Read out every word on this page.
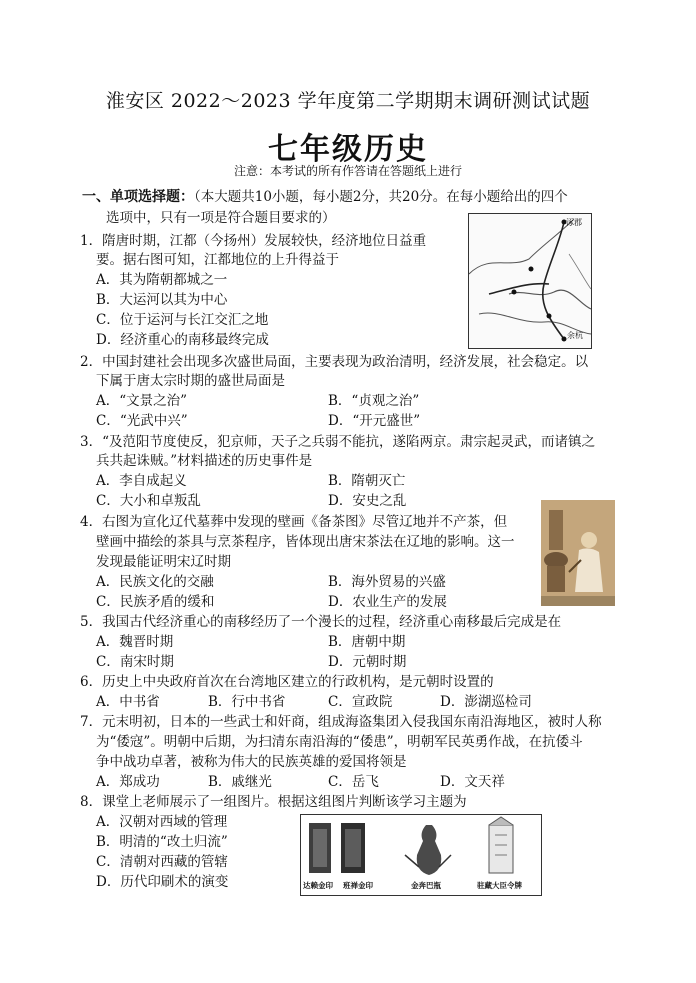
淮安区 2022～2023 学年度第二学期期末调研测试试题
七年级历史
注意：本考试的所有作答请在答题纸上进行
一、单项选择题：（本大题共10小题，每小题2分，共20分。在每小题给出的四个
选项中，只有一项是符合题目要求的）
1．隋唐时期，江都（今扬州）发展较快，经济地位日益重
要。据右图可知，江都地位的上升得益于
A．其为隋朝都城之一
B．大运河以其为中心
C．位于运河与长江交汇之地
D．经济重心的南移最终完成
涿郡
余杭
2．中国封建社会出现多次盛世局面，主要表现为政治清明，经济发展，社会稳定。以
下属于唐太宗时期的盛世局面是
A．“文景之治”	B．“贞观之治”
C．“光武中兴”	D．“开元盛世”
3．“及范阳节度使反，犯京师，天子之兵弱不能抗，遂陷两京。肃宗起灵武，而诸镇之
兵共起诛贼。”材料描述的历史事件是
A．李自成起义	B．隋朝灭亡
C．大小和卓叛乱	D．安史之乱
4．右图为宣化辽代墓葬中发现的壁画《备茶图》尽管辽地并不产茶，但
壁画中描绘的茶具与烹茶程序，皆体现出唐宋茶法在辽地的影响。这一
发现最能证明宋辽时期
A．民族文化的交融	B．海外贸易的兴盛
C．民族矛盾的缓和	D．农业生产的发展
5．我国古代经济重心的南移经历了一个漫长的过程，经济重心南移最后完成是在
A．魏晋时期	B．唐朝中期
C．南宋时期	D．元朝时期
6．历史上中央政府首次在台湾地区建立的行政机构，是元朝时设置的
A．中书省	B．行中书省	C．宣政院	D．澎湖巡检司
7．元末明初，日本的一些武士和奸商，组成海盗集团入侵我国东南沿海地区，被时人称
为“倭寇”。明朝中后期，为扫清东南沿海的“倭患”，明朝军民英勇作战，在抗倭斗
争中战功卓著，被称为伟大的民族英雄的爱国将领是
A．郑成功	B．戚继光	C．岳飞	D．文天祥
8．课堂上老师展示了一组图片。根据这组图片判断该学习主题为
A．汉朝对西域的管理
B．明清的“改土归流”
C．清朝对西藏的管辖
D．历代印刷术的演变	达赖金印 班禅金印	金奔巴瓶	驻藏大臣令牌
